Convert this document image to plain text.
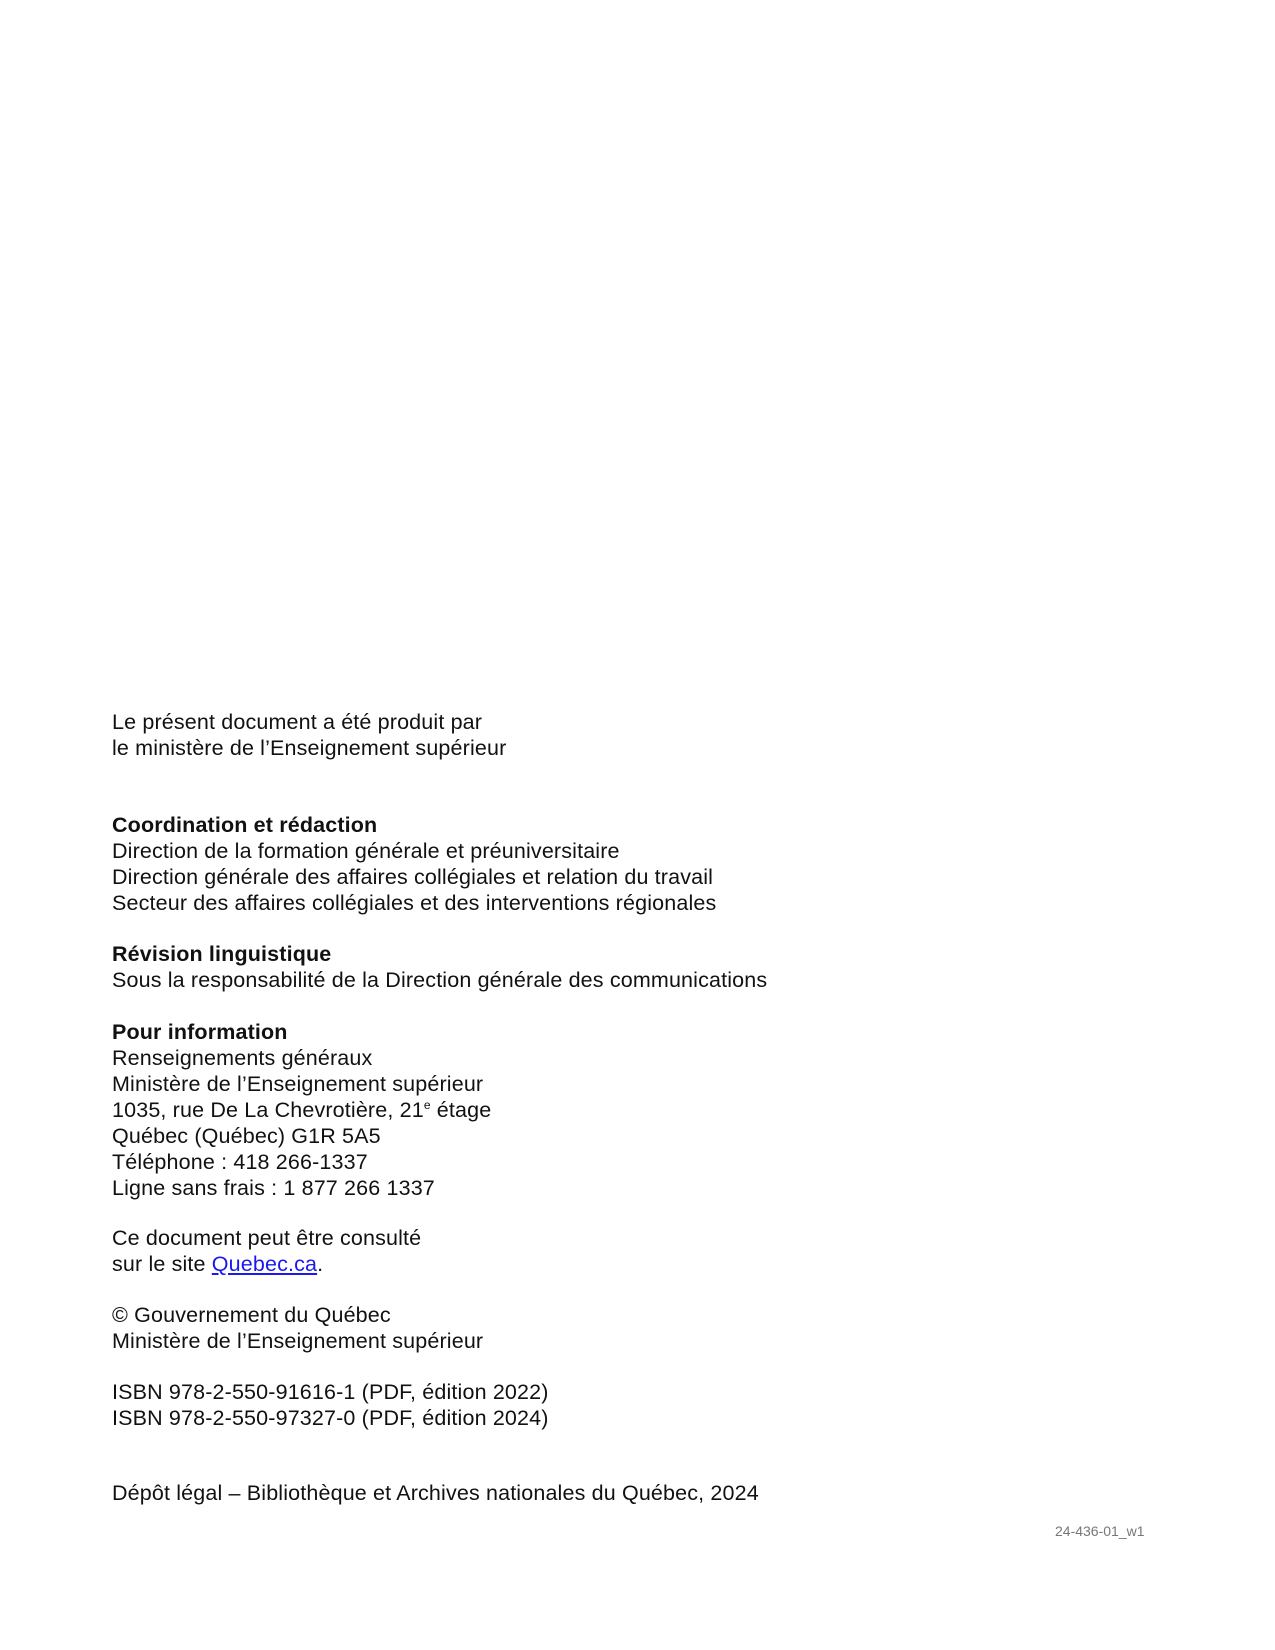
Le présent document a été produit par
le ministère de l’Enseignement supérieur
Coordination et rédaction
Direction de la formation générale et préuniversitaire
Direction générale des affaires collégiales et relation du travail
Secteur des affaires collégiales et des interventions régionales
Révision linguistique
Sous la responsabilité de la Direction générale des communications
Pour information
Renseignements généraux
Ministère de l’Enseignement supérieur
1035, rue De La Chevrotière, 21e étage
Québec (Québec) G1R 5A5
Téléphone : 418 266-1337
Ligne sans frais : 1 877 266 1337
Ce document peut être consulté
sur le site Quebec.ca.
© Gouvernement du Québec
Ministère de l’Enseignement supérieur
ISBN 978-2-550-91616-1 (PDF, édition 2022)
ISBN 978-2-550-97327-0 (PDF, édition 2024)
Dépôt légal – Bibliothèque et Archives nationales du Québec, 2024
24-436-01_w1
